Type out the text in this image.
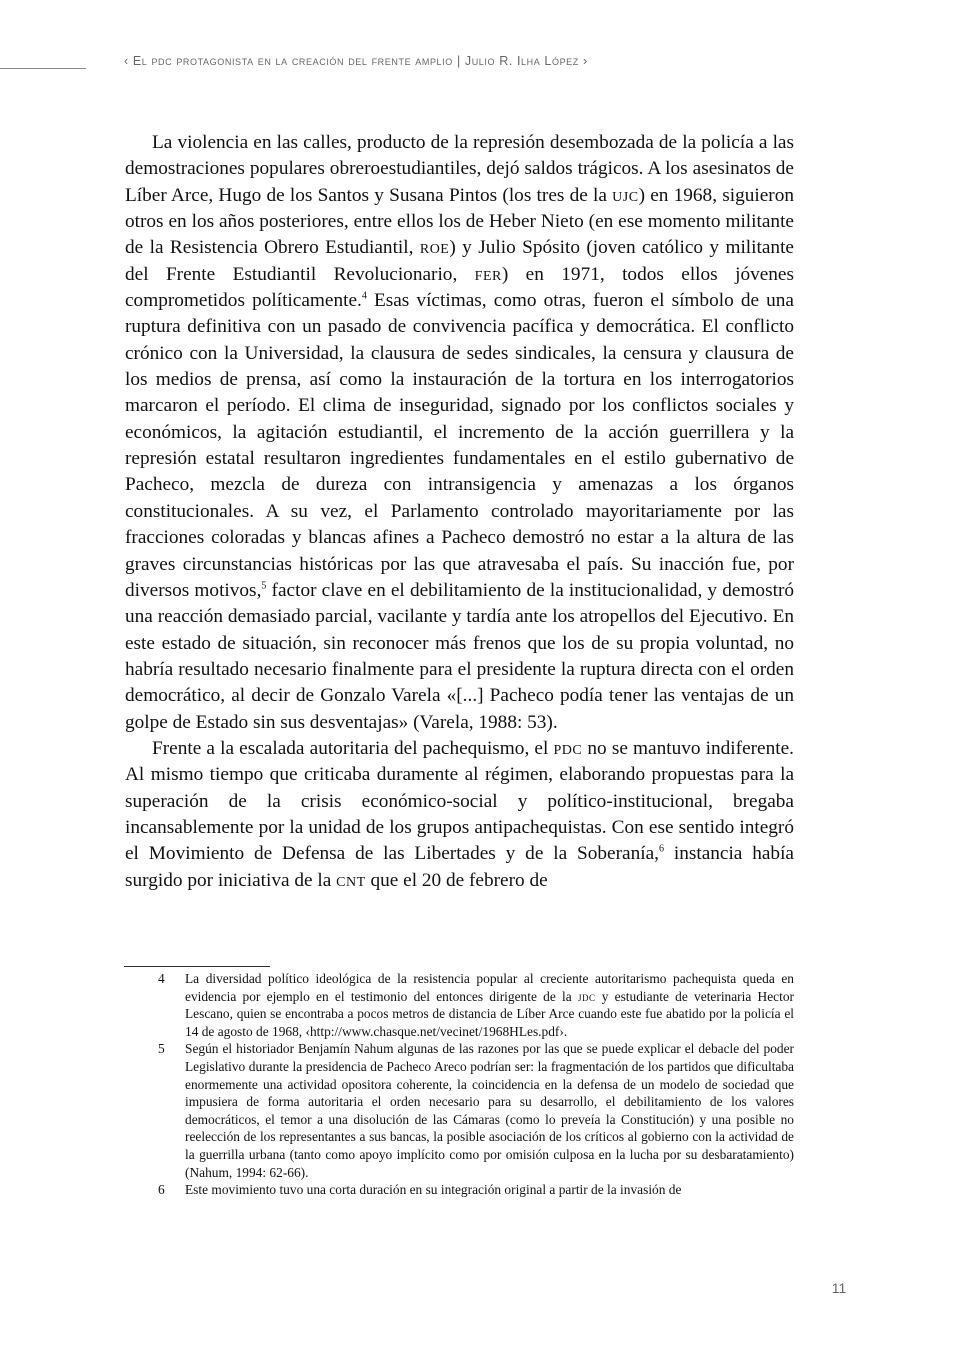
‹ El pdc protagonista en la creación del frente amplio | Julio R. Ilha López ›

La violencia en las calles, producto de la represión desembozada de la policía a las demostraciones populares obreroestudiantiles, dejó saldos trágicos. A los asesinatos de Líber Arce, Hugo de los Santos y Susana Pintos (los tres de la ujc) en 1968, siguieron otros en los años posteriores, entre ellos los de Heber Nieto (en ese momento militante de la Resistencia Obrero Estudiantil, roe) y Julio Spósito (joven católico y militante del Frente Estudiantil Revolucionario, fer) en 1971, todos ellos jóvenes comprometidos políticamente.$^4$ Esas víctimas, como otras, fueron el símbolo de una ruptura definitiva con un pasado de convivencia pacífica y democrática. El conflicto crónico con la Universidad, la clausura de sedes sindicales, la censura y clausura de los medios de prensa, así como la instauración de la tortura en los interrogatorios marcaron el período. El clima de inseguridad, signado por los conflictos sociales y económicos, la agitación estudiantil, el incremento de la acción guerrillera y la represión estatal resultaron ingredientes fundamentales en el estilo gubernativo de Pacheco, mezcla de dureza con intransigencia y amenazas a los órganos constitucionales. A su vez, el Parlamento controlado mayoritariamente por las fracciones coloradas y blancas afines a Pacheco demostró no estar a la altura de las graves circunstancias históricas por las que atravesaba el país. Su inacción fue, por diversos motivos,$^5$ factor clave en el debilitamiento de la institucionalidad, y demostró una reacción demasiado parcial, vacilante y tardía ante los atropellos del Ejecutivo. En este estado de situación, sin reconocer más frenos que los de su propia voluntad, no habría resultado necesario finalmente para el presidente la ruptura directa con el orden democrático, al decir de Gonzalo Varela «[...] Pacheco podía tener las ventajas de un golpe de Estado sin sus desventajas» (Varela, 1988: 53).

Frente a la escalada autoritaria del pachequismo, el pdc no se mantuvo indiferente. Al mismo tiempo que criticaba duramente al régimen, elaborando propuestas para la superación de la crisis económico-social y político-institucional, bregaba incansablemente por la unidad de los grupos antipachequistas. Con ese sentido integró el Movimiento de Defensa de las Libertades y de la Soberanía,$^6$ instancia había surgido por iniciativa de la cnt que el 20 de febrero de

4	La diversidad político ideológica de la resistencia popular al creciente autoritarismo pachequista queda en evidencia por ejemplo en el testimonio del entonces dirigente de la jdc y estudiante de veterinaria Hector Lescano, quien se encontraba a pocos metros de distancia de Líber Arce cuando este fue abatido por la policía el 14 de agosto de 1968, ‹http://www.chasque.net/vecinet/1968HLes.pdf›.
5	Según el historiador Benjamín Nahum algunas de las razones por las que se puede explicar el debacle del poder Legislativo durante la presidencia de Pacheco Areco podrían ser: la fragmentación de los partidos que dificultaba enormemente una actividad opositora coherente, la coincidencia en la defensa de un modelo de sociedad que impusiera de forma autoritaria el orden necesario para su desarrollo, el debilitamiento de los valores democráticos, el temor a una disolución de las Cámaras (como lo preveía la Constitución) y una posible no reelección de los representantes a sus bancas, la posible asociación de los críticos al gobierno con la actividad de la guerrilla urbana (tanto como apoyo implícito como por omisión culposa en la lucha por su desbaratamiento) (Nahum, 1994: 62-66).
6	Este movimiento tuvo una corta duración en su integración original a partir de la invasión de
11
